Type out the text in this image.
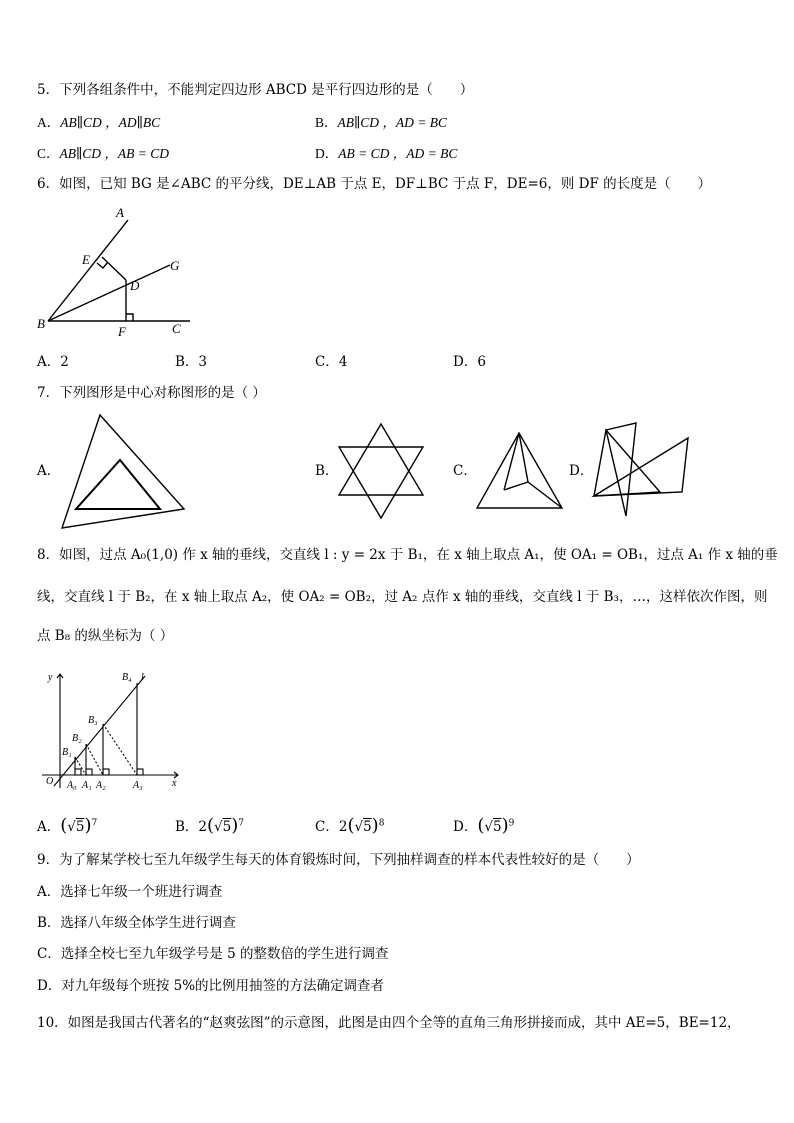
5．下列各组条件中，不能判定四边形 ABCD 是平行四边形的是（　　）
A．AB∥CD ，AD∥BC	B．AB∥CD ，AD = BC
C．AB∥CD ，AB = CD	D．AB = CD ，AD = BC
6．如图，已知 BG 是∠ABC 的平分线，DE⊥AB 于点 E，DF⊥BC 于点 F，DE=6，则 DF 的长度是（　　）
A
E	G
D
B
F	C
A．2	B．3	C．4	D．6
7．下列图形是中心对称图形的是（ ）
A．	B．	C．	D．
8．如图，过点 A₀(1,0) 作 x 轴的垂线，交直线 l : y = 2x 于 B₁，在 x 轴上取点 A₁，使 OA₁ = OB₁，过点 A₁ 作 x 轴的垂
线，交直线 l 于 B₂，在 x 轴上取点 A₂，使 OA₂ = OB₂，过 A₂ 点作 x 轴的垂线，交直线 l 于 B₃，…，这样依次作图，则
点 B₈ 的纵坐标为（ ）
y
x
O
l
B₄
B₃
B₂
B₁
A₀ A₁ A₂	A₃
A．$(√5)^7$	B．$2(√5)^7$	C．$2(√5)^8$	D．$(√5)^9$
9．为了解某学校七至九年级学生每天的体育锻炼时间，下列抽样调查的样本代表性较好的是（　　）
A．选择七年级一个班进行调查
B．选择八年级全体学生进行调查
C．选择全校七至九年级学号是 5 的整数倍的学生进行调查
D．对九年级每个班按 5%的比例用抽签的方法确定调查者
10．如图是我国古代著名的“赵爽弦图”的示意图，此图是由四个全等的直角三角形拼接而成，其中 AE=5，BE=12，
